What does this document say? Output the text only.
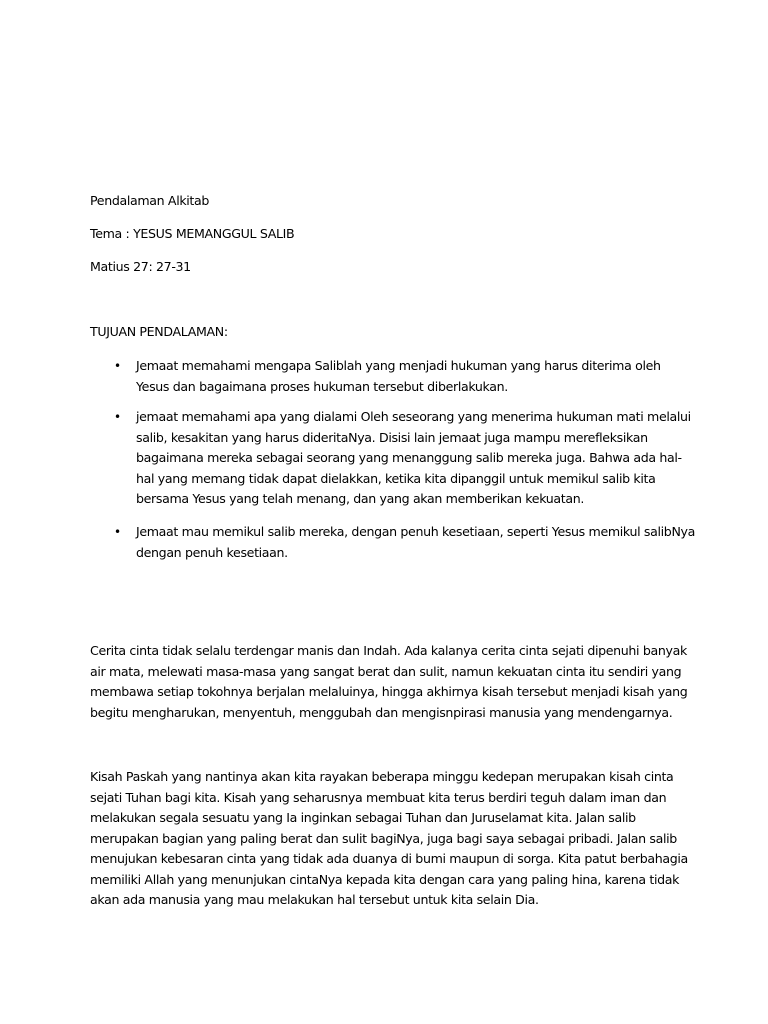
Pendalaman Alkitab
Tema : YESUS MEMANGGUL SALIB
Matius 27: 27-31
TUJUAN PENDALAMAN:
• Jemaat memahami mengapa Saliblah yang menjadi hukuman yang harus diterima oleh Yesus dan bagaimana proses hukuman tersebut diberlakukan.
• jemaat memahami apa yang dialami Oleh seseorang yang menerima hukuman mati melalui salib, kesakitan yang harus dideritaNya. Disisi lain jemaat juga mampu merefleksikan bagaimana mereka sebagai seorang yang menanggung salib mereka juga. Bahwa ada hal-hal yang memang tidak dapat dielakkan, ketika kita dipanggil untuk memikul salib kita bersama Yesus yang telah menang, dan yang akan memberikan kekuatan.
• Jemaat mau memikul salib mereka, dengan penuh kesetiaan, seperti Yesus memikul salibNya dengan penuh kesetiaan.
Cerita cinta tidak selalu terdengar manis dan Indah. Ada kalanya cerita cinta sejati dipenuhi banyak air mata, melewati masa-masa yang sangat berat dan sulit, namun kekuatan cinta itu sendiri yang membawa setiap tokohnya berjalan melaluinya, hingga akhirnya kisah tersebut menjadi kisah yang begitu mengharukan, menyentuh, menggubah dan mengisnpirasi manusia yang mendengarnya.
Kisah Paskah yang nantinya akan kita rayakan beberapa minggu kedepan merupakan kisah cinta sejati Tuhan bagi kita. Kisah yang seharusnya membuat kita terus berdiri teguh dalam iman dan melakukan segala sesuatu yang Ia inginkan sebagai Tuhan dan Juruselamat kita. Jalan salib merupakan bagian yang paling berat dan sulit bagiNya, juga bagi saya sebagai pribadi. Jalan salib menujukan kebesaran cinta yang tidak ada duanya di bumi maupun di sorga. Kita patut berbahagia memiliki Allah yang menunjukan cintaNya kepada kita dengan cara yang paling hina, karena tidak akan ada manusia yang mau melakukan hal tersebut untuk kita selain Dia.
